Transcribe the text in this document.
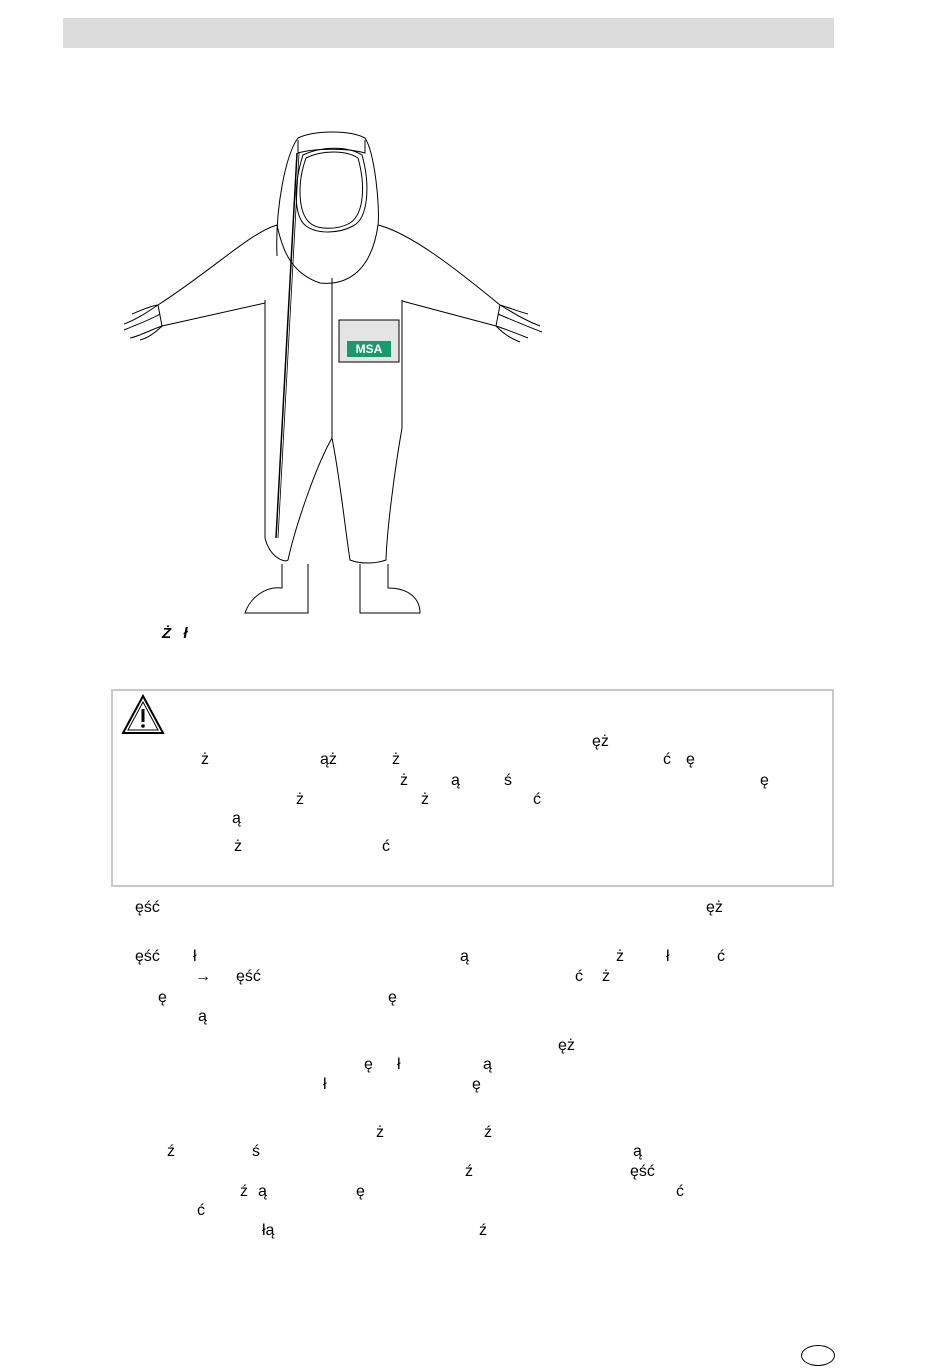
MSA
Ż ł
ęż
ż	ąż	ż	ć ę
ż	ą	ś	ę
ż	ż	ć
ą
ż	ć
ęść	ęż
ęść ł	ą	ż	ł	ć
→ ęść	ć ż
ę	ę
ą
ęż
ę ł	ą
ł	ę
ż	ź
ź	ś	ą
ź	ęść
ź ą	ę	ć
ć
łą	ź
